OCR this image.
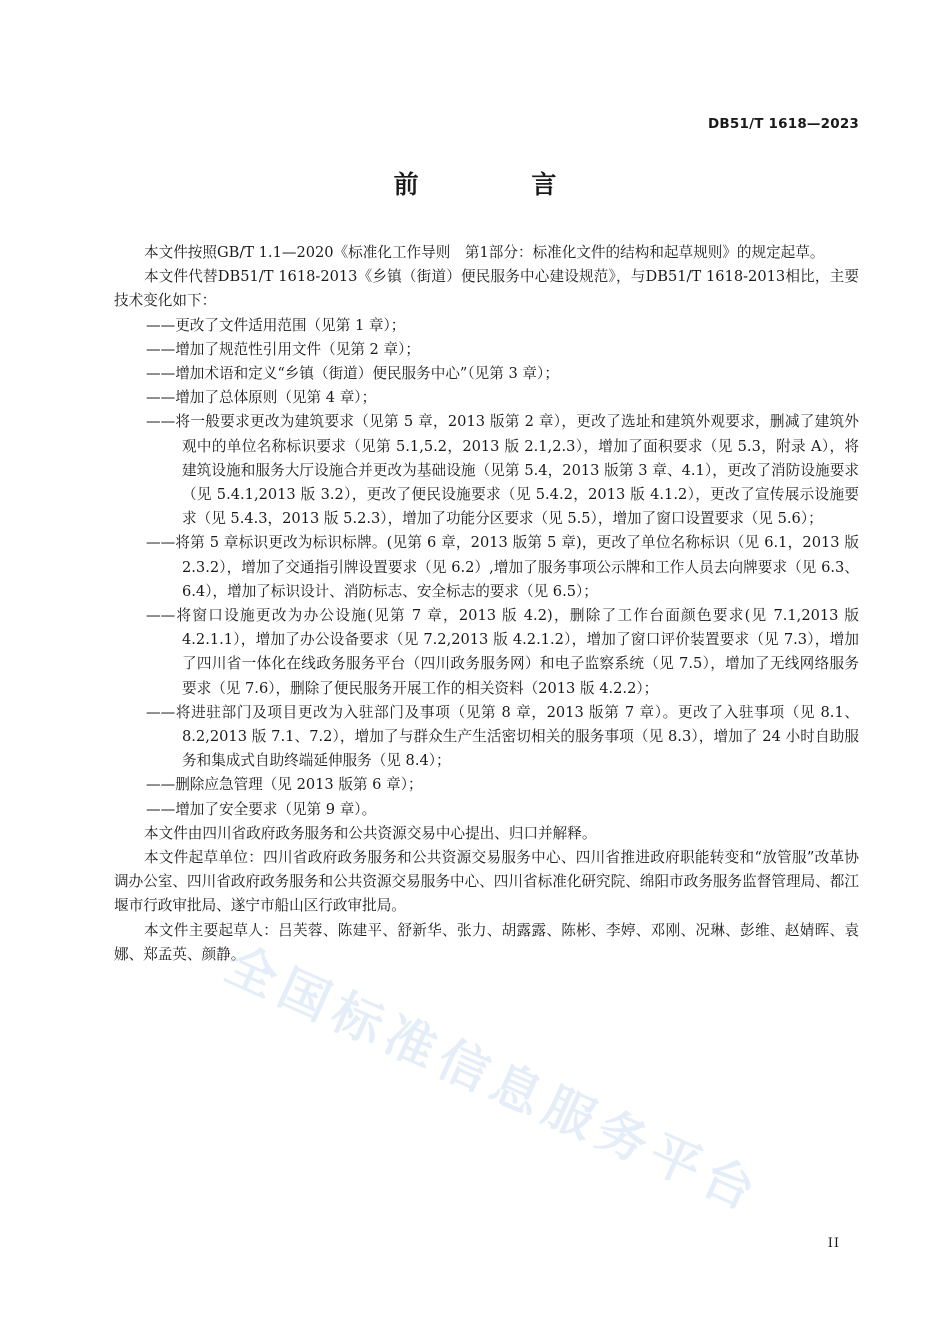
DB51/T 1618—2023
前 言

本文件按照GB/T 1.1—2020《标准化工作导则　第1部分：标准化文件的结构和起草规则》的规定起草。

本文件代替DB51/T 1618-2013《乡镇（街道）便民服务中心建设规范》，与DB51/T 1618-2013相比，主要技术变化如下：

——更改了文件适用范围（见第 1 章）；

——增加了规范性引用文件（见第 2 章）；

——增加术语和定义“乡镇（街道）便民服务中心”（见第 3 章）；

——增加了总体原则（见第 4 章）；

——将一般要求更改为建筑要求（见第 5 章，2013 版第 2 章），更改了选址和建筑外观要求，删减了建筑外观中的单位名称标识要求（见第 5.1,5.2，2013 版 2.1,2.3），增加了面积要求（见 5.3，附录 A），将建筑设施和服务大厅设施合并更改为基础设施（见第 5.4，2013 版第 3 章、4.1），更改了消防设施要求（见 5.4.1,2013 版 3.2），更改了便民设施要求（见 5.4.2，2013 版 4.1.2），更改了宣传展示设施要求（见 5.4.3，2013 版 5.2.3），增加了功能分区要求（见 5.5），增加了窗口设置要求（见 5.6）；

——将第 5 章标识更改为标识标牌。(见第 6 章，2013 版第 5 章)，更改了单位名称标识（见 6.1，2013 版 2.3.2），增加了交通指引牌设置要求（见 6.2）,增加了服务事项公示牌和工作人员去向牌要求（见 6.3、6.4），增加了标识设计、消防标志、安全标志的要求（见 6.5）；

——将窗口设施更改为办公设施(见第 7 章，2013 版 4.2)，删除了工作台面颜色要求(见 7.1,2013 版 4.2.1.1），增加了办公设备要求（见 7.2,2013 版 4.2.1.2），增加了窗口评价装置要求（见 7.3），增加了四川省一体化在线政务服务平台（四川政务服务网）和电子监察系统（见 7.5），增加了无线网络服务要求（见 7.6），删除了便民服务开展工作的相关资料（2013 版 4.2.2）；

——将进驻部门及项目更改为入驻部门及事项（见第 8 章，2013 版第 7 章）。更改了入驻事项（见 8.1、8.2,2013 版 7.1、7.2），增加了与群众生产生活密切相关的服务事项（见 8.3），增加了 24 小时自助服务和集成式自助终端延伸服务（见 8.4）；

——删除应急管理（见 2013 版第 6 章）；

——增加了安全要求（见第 9 章）。

本文件由四川省政府政务服务和公共资源交易中心提出、归口并解释。

本文件起草单位：四川省政府政务服务和公共资源交易服务中心、四川省推进政府职能转变和“放管服”改革协调办公室、四川省政府政务服务和公共资源交易服务中心、四川省标准化研究院、绵阳市政务服务监督管理局、都江堰市行政审批局、遂宁市船山区行政审批局。

本文件主要起草人：吕芙蓉、陈建平、舒新华、张力、胡露露、陈彬、李婷、邓刚、况琳、彭维、赵婧晖、袁娜、郑孟英、颜静。

全国标准信息服务平台
II
